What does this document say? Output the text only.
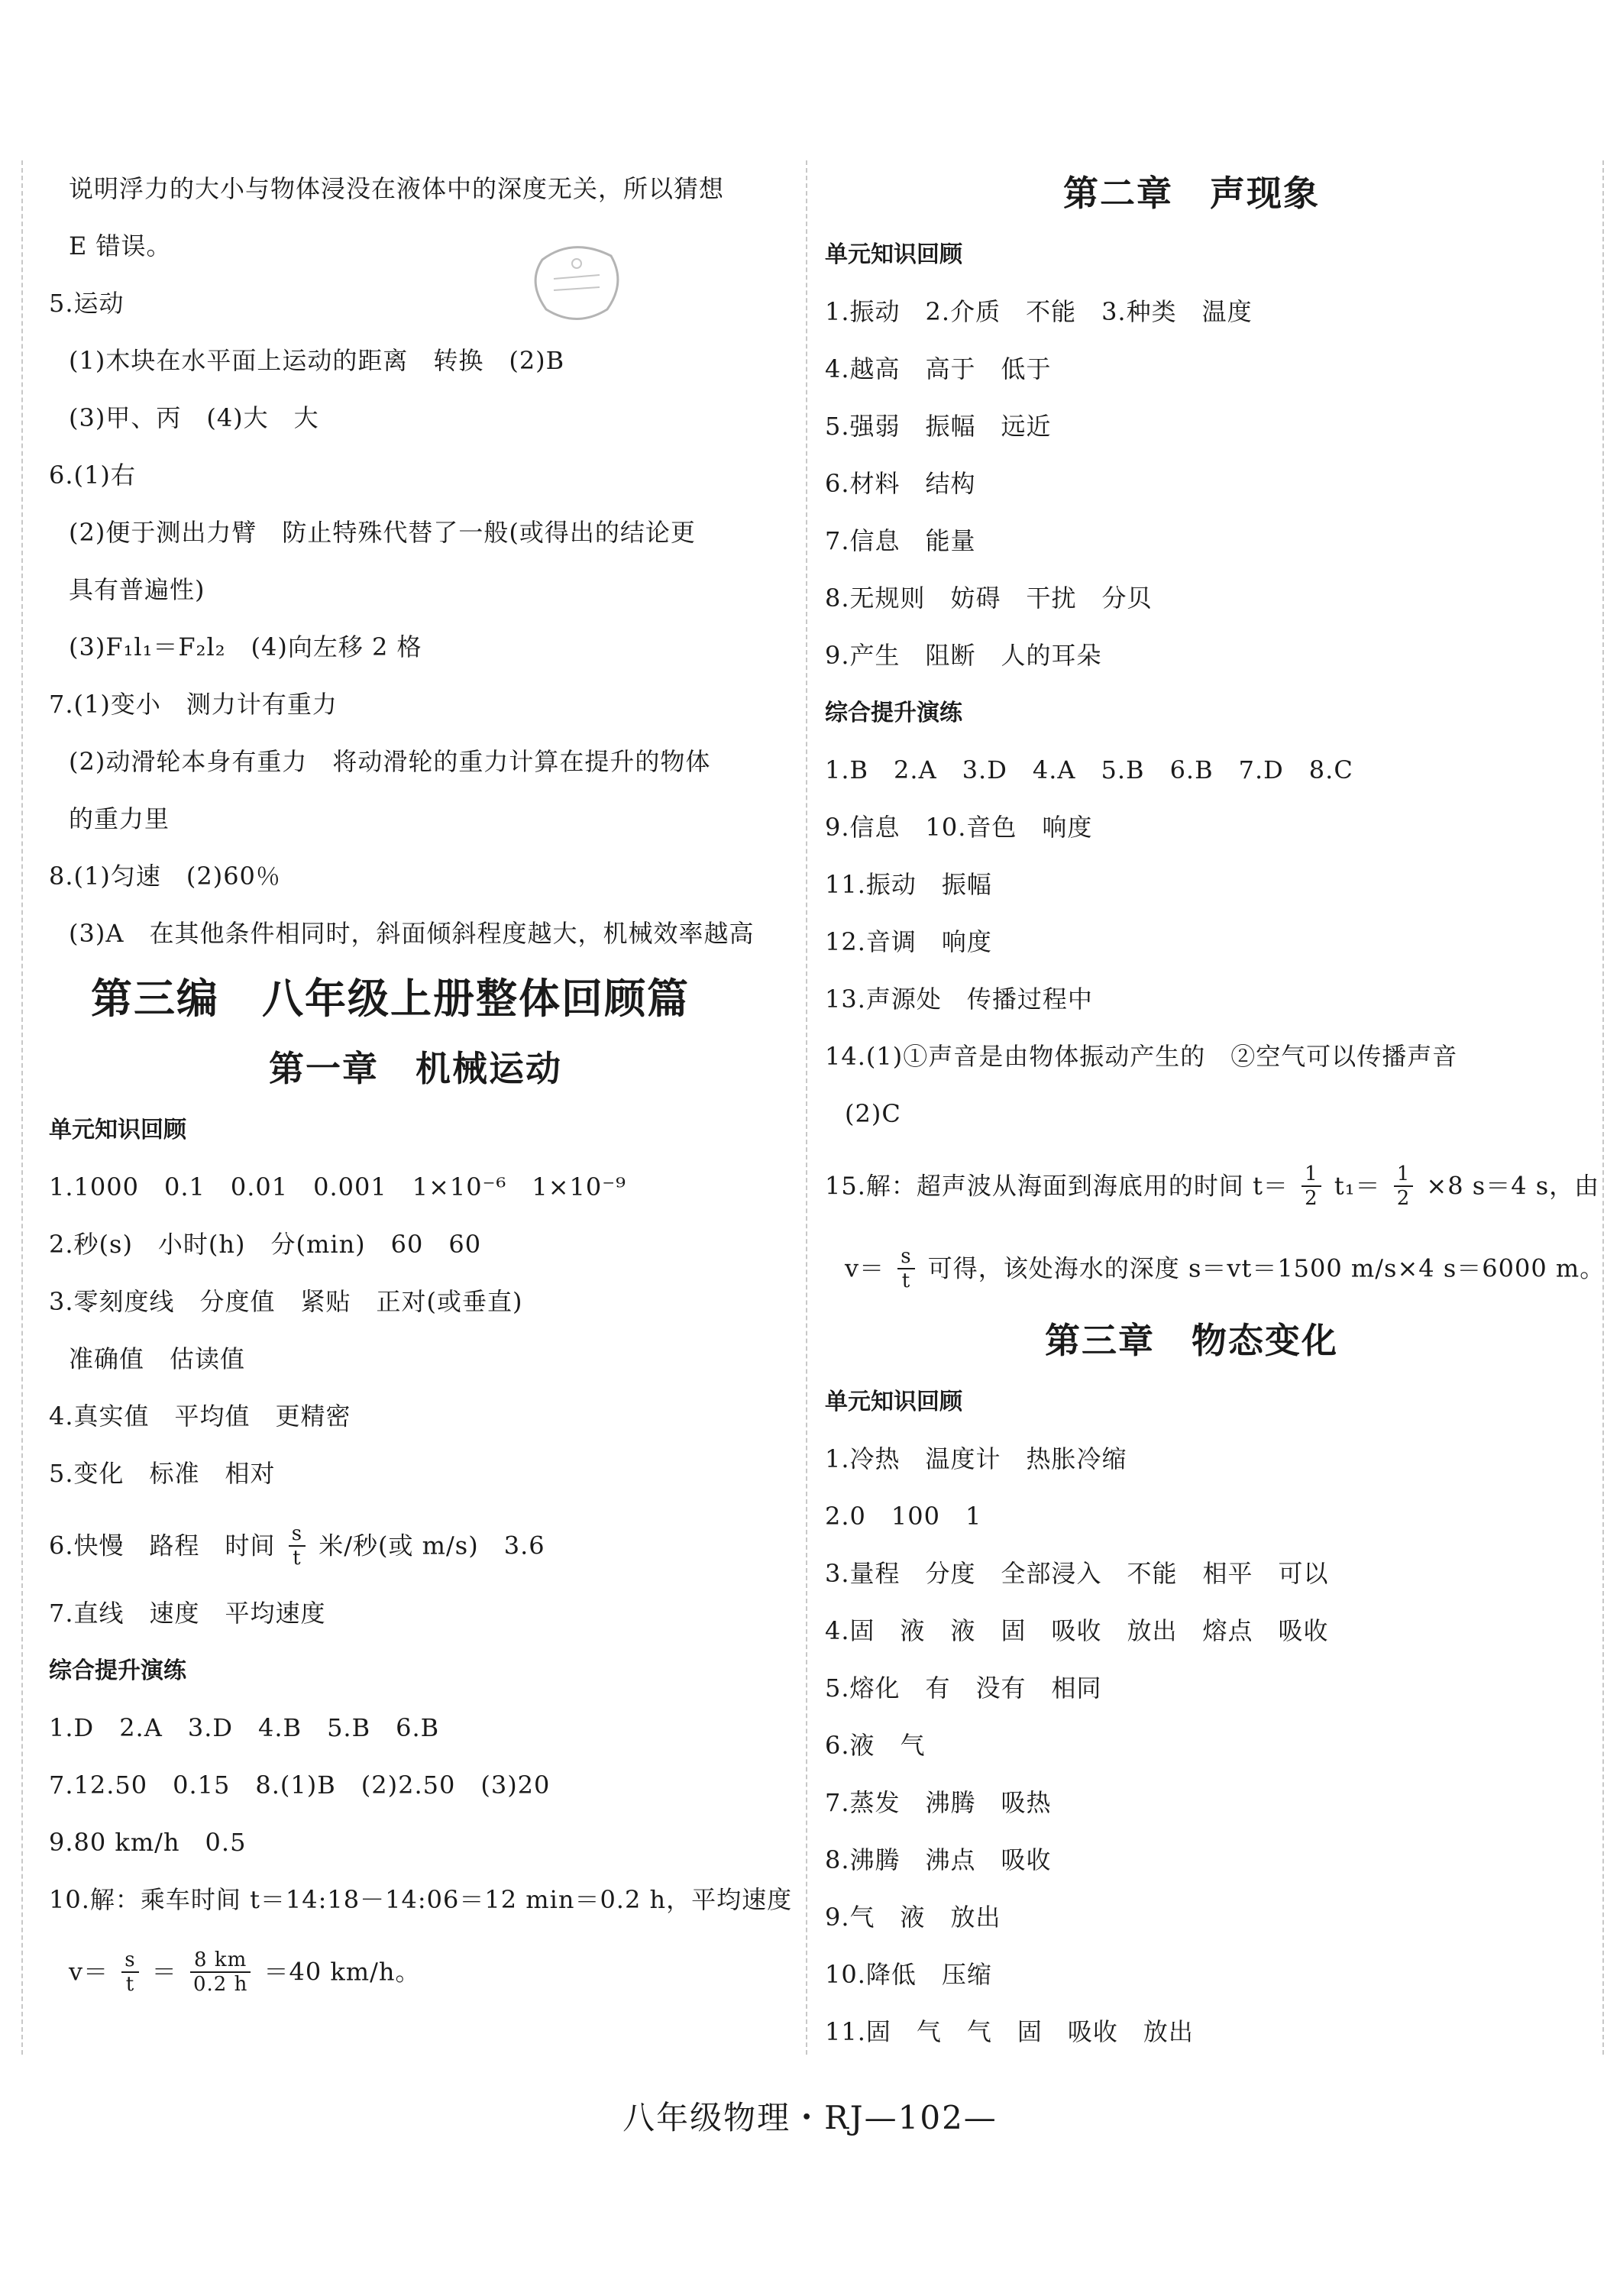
说明浮力的大小与物体浸没在液体中的深度无关，所以猜想
E 错误。
5.运动
(1)木块在水平面上运动的距离　转换　(2)B
(3)甲、丙　(4)大　大
6.(1)右
(2)便于测出力臂　防止特殊代替了一般(或得出的结论更
具有普遍性)
(3)F₁l₁＝F₂l₂　(4)向左移 2 格
7.(1)变小　测力计有重力
(2)动滑轮本身有重力　将动滑轮的重力计算在提升的物体
的重力里
8.(1)匀速　(2)60％
(3)A　在其他条件相同时，斜面倾斜程度越大，机械效率越高
第三编　八年级上册整体回顾篇
第一章　机械运动
单元知识回顾
1.1000　0.1　0.01　0.001　1×10⁻⁶　1×10⁻⁹
2.秒(s)　小时(h)　分(min)　60　60
3.零刻度线　分度值　紧贴　正对(或垂直)
准确值　估读值
4.真实值　平均值　更精密
5.变化　标准　相对
6.快慢　路程　时间 $\frac{s}{t}$ 米/秒(或 m/s)　3.6
7.直线　速度　平均速度
综合提升演练
1.D　2.A　3.D　4.B　5.B　6.B
7.12.50　0.15　8.(1)B　(2)2.50　(3)20
9.80 km/h　0.5
10.解：乘车时间 t＝14:18－14:06＝12 min＝0.2 h，平均速度
$v= \frac{s}{t} = \frac{8 km}{0.2 h} =40$ km/h。
第二章　声现象
单元知识回顾
1.振动　2.介质　不能　3.种类　温度
4.越高　高于　低于
5.强弱　振幅　远近
6.材料　结构
7.信息　能量
8.无规则　妨碍　干扰　分贝
9.产生　阻断　人的耳朵
综合提升演练
1.B　2.A　3.D　4.A　5.B　6.B　7.D　8.C
9.信息　10.音色　响度
11.振动　振幅
12.音调　响度
13.声源处　传播过程中
14.(1)①声音是由物体振动产生的　②空气可以传播声音
(2)C
15.解：超声波从海面到海底用的时间 $t= \frac{1}{2} t_1= \frac{1}{2} \times 8$ s＝4 s，由
$v= \frac{s}{t}$ 可得，该处海水的深度 s＝vt＝1500 m/s×4 s＝6000 m。
第三章　物态变化
单元知识回顾
1.冷热　温度计　热胀冷缩
2.0　100　1
3.量程　分度　全部浸入　不能　相平　可以
4.固　液　液　固　吸收　放出　熔点　吸收
5.熔化　有　没有　相同
6.液　气
7.蒸发　沸腾　吸热
8.沸腾　沸点　吸收
9.气　液　放出
10.降低　压缩
11.固　气　气　固　吸收　放出
八年级物理・RJ—102—
